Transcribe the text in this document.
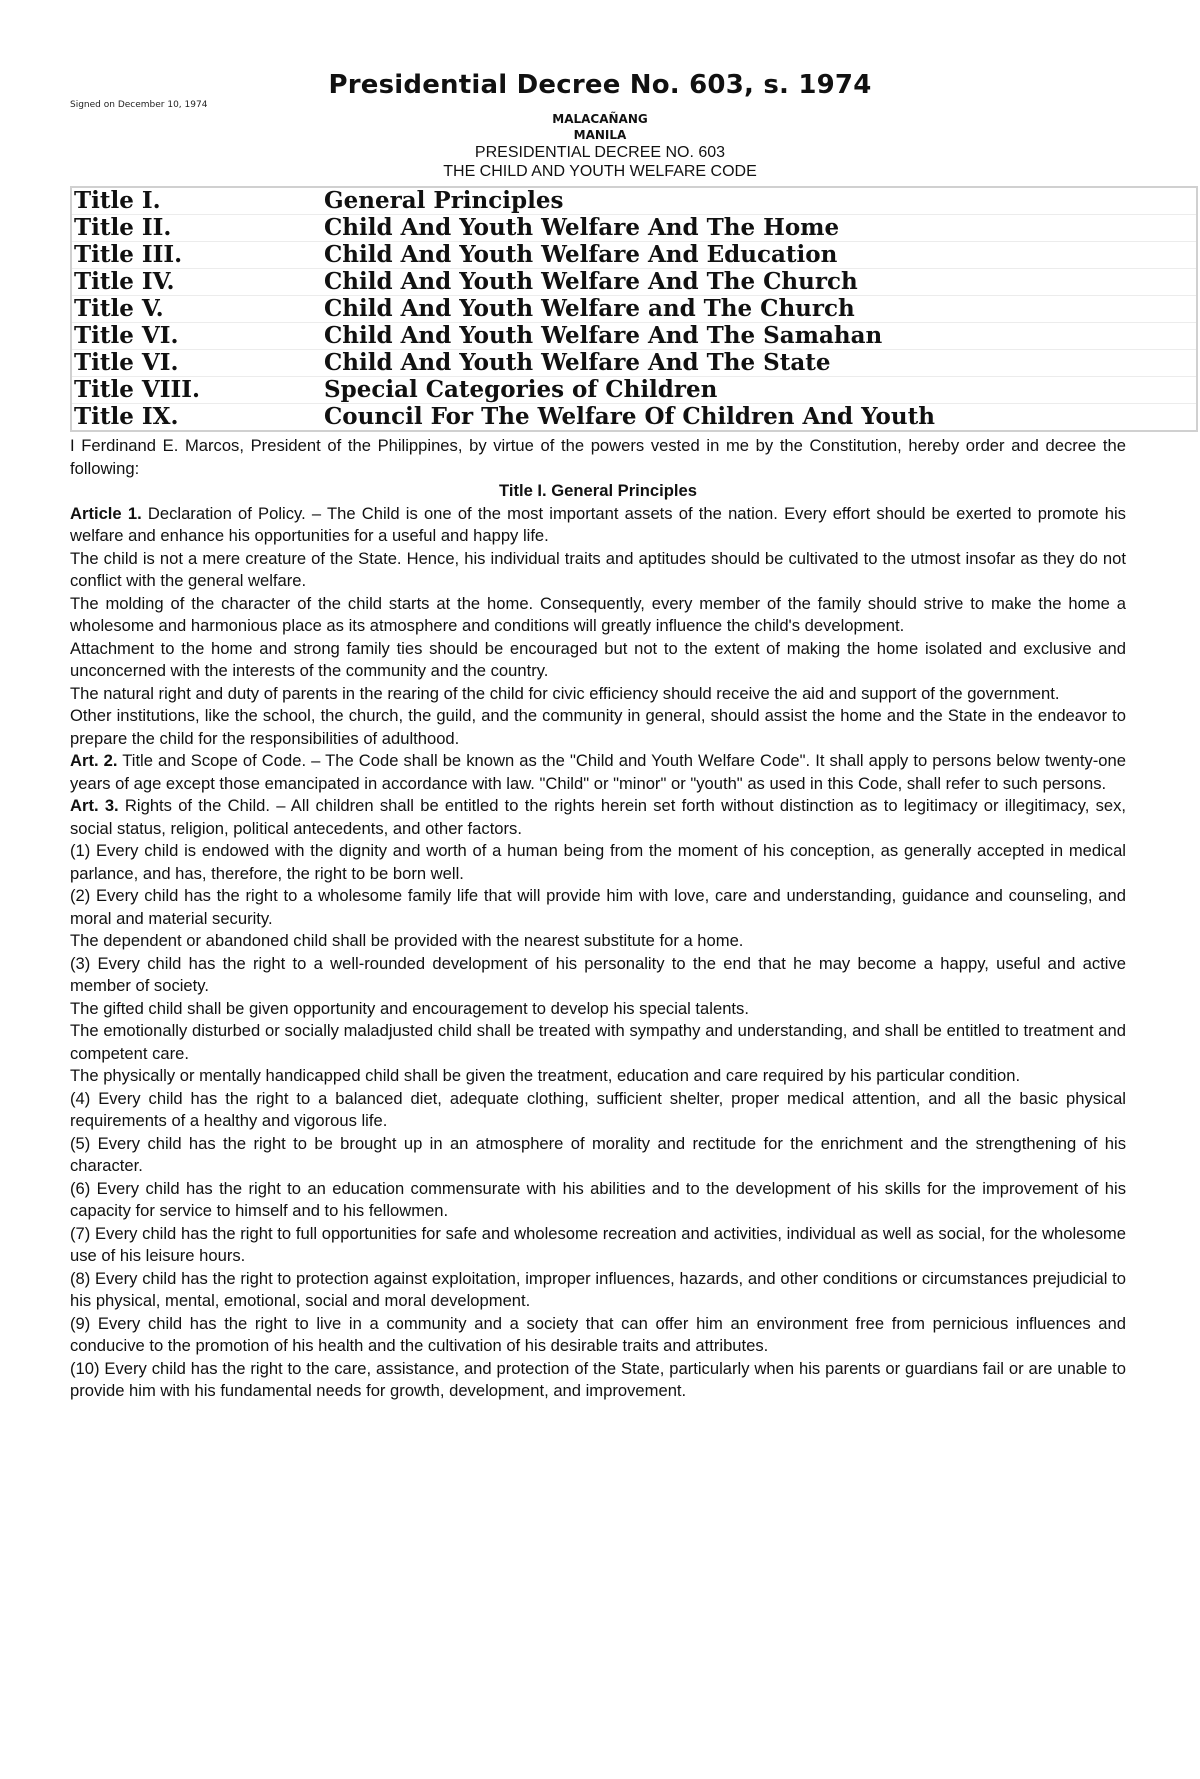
Presidential Decree No. 603, s. 1974
Signed on December 10, 1974
MALACAÑANG
MANILA
PRESIDENTIAL DECREE NO. 603
THE CHILD AND YOUTH WELFARE CODE
Title I.	General Principles
Title II.	Child And Youth Welfare And The Home
Title III.	Child And Youth Welfare And Education
Title IV.	Child And Youth Welfare And The Church
Title V.	Child And Youth Welfare and The Church
Title VI.	Child And Youth Welfare And The Samahan
Title VI.	Child And Youth Welfare And The State
Title VIII.	Special Categories of Children
Title IX.	Council For The Welfare Of Children And Youth

I Ferdinand E. Marcos, President of the Philippines, by virtue of the powers vested in me by the Constitution, hereby order and decree the following:

Title I. General Principles

Article 1. Declaration of Policy. – The Child is one of the most important assets of the nation. Every effort should be exerted to promote his welfare and enhance his opportunities for a useful and happy life.

The child is not a mere creature of the State. Hence, his individual traits and aptitudes should be cultivated to the utmost insofar as they do not conflict with the general welfare.

The molding of the character of the child starts at the home. Consequently, every member of the family should strive to make the home a wholesome and harmonious place as its atmosphere and conditions will greatly influence the child's development.

Attachment to the home and strong family ties should be encouraged but not to the extent of making the home isolated and exclusive and unconcerned with the interests of the community and the country.

The natural right and duty of parents in the rearing of the child for civic efficiency should receive the aid and support of the government.

Other institutions, like the school, the church, the guild, and the community in general, should assist the home and the State in the endeavor to prepare the child for the responsibilities of adulthood.

Art. 2. Title and Scope of Code. – The Code shall be known as the "Child and Youth Welfare Code". It shall apply to persons below twenty-one years of age except those emancipated in accordance with law. "Child" or "minor" or "youth" as used in this Code, shall refer to such persons.

Art. 3. Rights of the Child. – All children shall be entitled to the rights herein set forth without distinction as to legitimacy or illegitimacy, sex, social status, religion, political antecedents, and other factors.

(1) Every child is endowed with the dignity and worth of a human being from the moment of his conception, as generally accepted in medical parlance, and has, therefore, the right to be born well.

(2) Every child has the right to a wholesome family life that will provide him with love, care and understanding, guidance and counseling, and moral and material security.

The dependent or abandoned child shall be provided with the nearest substitute for a home.

(3) Every child has the right to a well-rounded development of his personality to the end that he may become a happy, useful and active member of society.

The gifted child shall be given opportunity and encouragement to develop his special talents.

The emotionally disturbed or socially maladjusted child shall be treated with sympathy and understanding, and shall be entitled to treatment and competent care.

The physically or mentally handicapped child shall be given the treatment, education and care required by his particular condition.

(4) Every child has the right to a balanced diet, adequate clothing, sufficient shelter, proper medical attention, and all the basic physical requirements of a healthy and vigorous life.

(5) Every child has the right to be brought up in an atmosphere of morality and rectitude for the enrichment and the strengthening of his character.

(6) Every child has the right to an education commensurate with his abilities and to the development of his skills for the improvement of his capacity for service to himself and to his fellowmen.

(7) Every child has the right to full opportunities for safe and wholesome recreation and activities, individual as well as social, for the wholesome use of his leisure hours.

(8) Every child has the right to protection against exploitation, improper influences, hazards, and other conditions or circumstances prejudicial to his physical, mental, emotional, social and moral development.

(9) Every child has the right to live in a community and a society that can offer him an environment free from pernicious influences and conducive to the promotion of his health and the cultivation of his desirable traits and attributes.

(10) Every child has the right to the care, assistance, and protection of the State, particularly when his parents or guardians fail or are unable to provide him with his fundamental needs for growth, development, and improvement.
